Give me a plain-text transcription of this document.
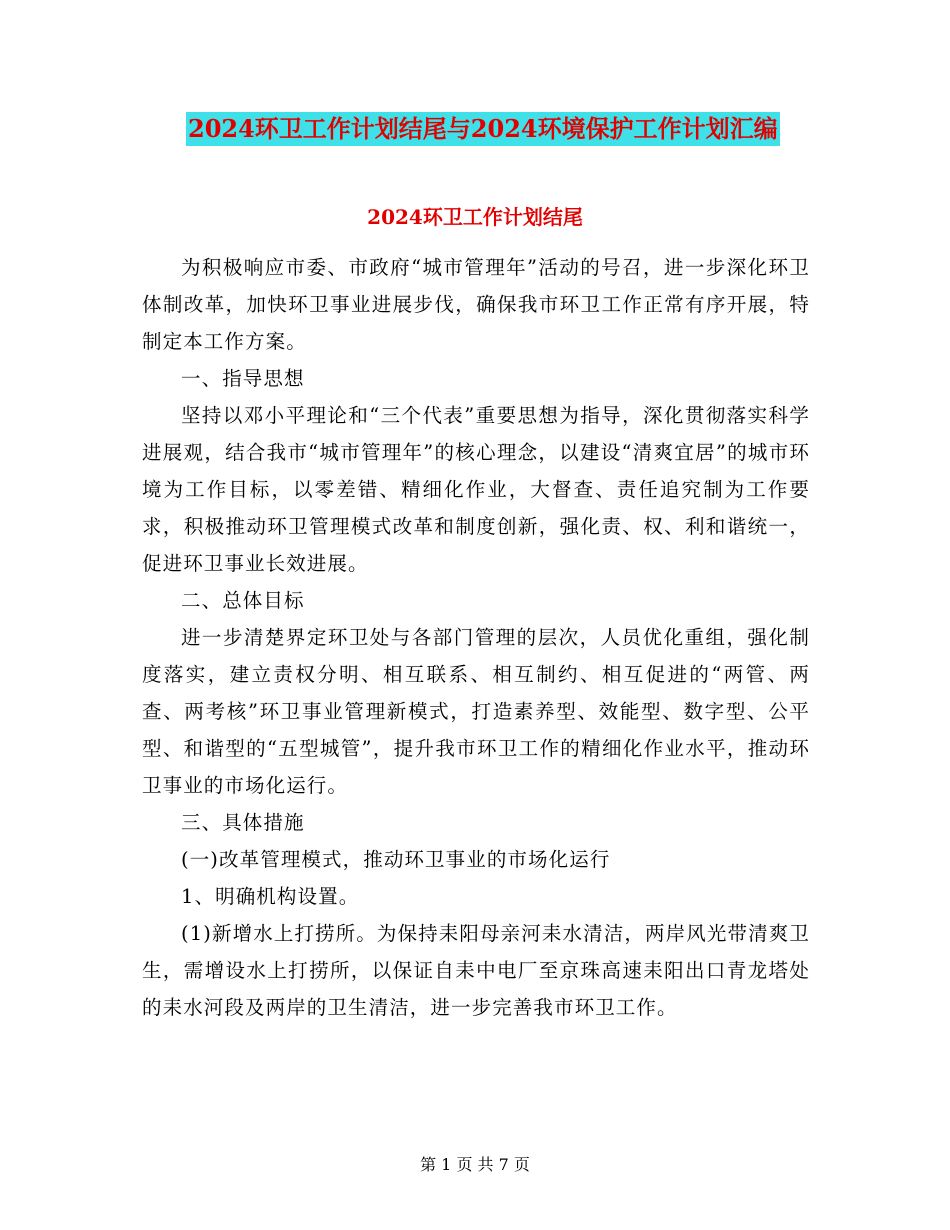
2024环卫工作计划结尾与2024环境保护工作计划汇编
2024环卫工作计划结尾

为积极响应市委、市政府“城市管理年”活动的号召，进一步深化环卫体制改革，加快环卫事业进展步伐，确保我市环卫工作正常有序开展，特制定本工作方案。

一、指导思想

坚持以邓小平理论和“三个代表”重要思想为指导，深化贯彻落实科学进展观，结合我市“城市管理年”的核心理念，以建设“清爽宜居”的城市环境为工作目标，以零差错、精细化作业，大督查、责任追究制为工作要求，积极推动环卫管理模式改革和制度创新，强化责、权、利和谐统一，促进环卫事业长效进展。

二、总体目标

进一步清楚界定环卫处与各部门管理的层次，人员优化重组，强化制度落实，建立责权分明、相互联系、相互制约、相互促进的“两管、两查、两考核”环卫事业管理新模式，打造素养型、效能型、数字型、公平型、和谐型的“五型城管”，提升我市环卫工作的精细化作业水平，推动环卫事业的市场化运行。

三、具体措施

(一)改革管理模式，推动环卫事业的市场化运行

1、明确机构设置。

(1)新增水上打捞所。为保持耒阳母亲河耒水清洁，两岸风光带清爽卫生，需增设水上打捞所，以保证自耒中电厂至京珠高速耒阳出口青龙塔处的耒水河段及两岸的卫生清洁，进一步完善我市环卫工作。

第 1 页 共 7 页
